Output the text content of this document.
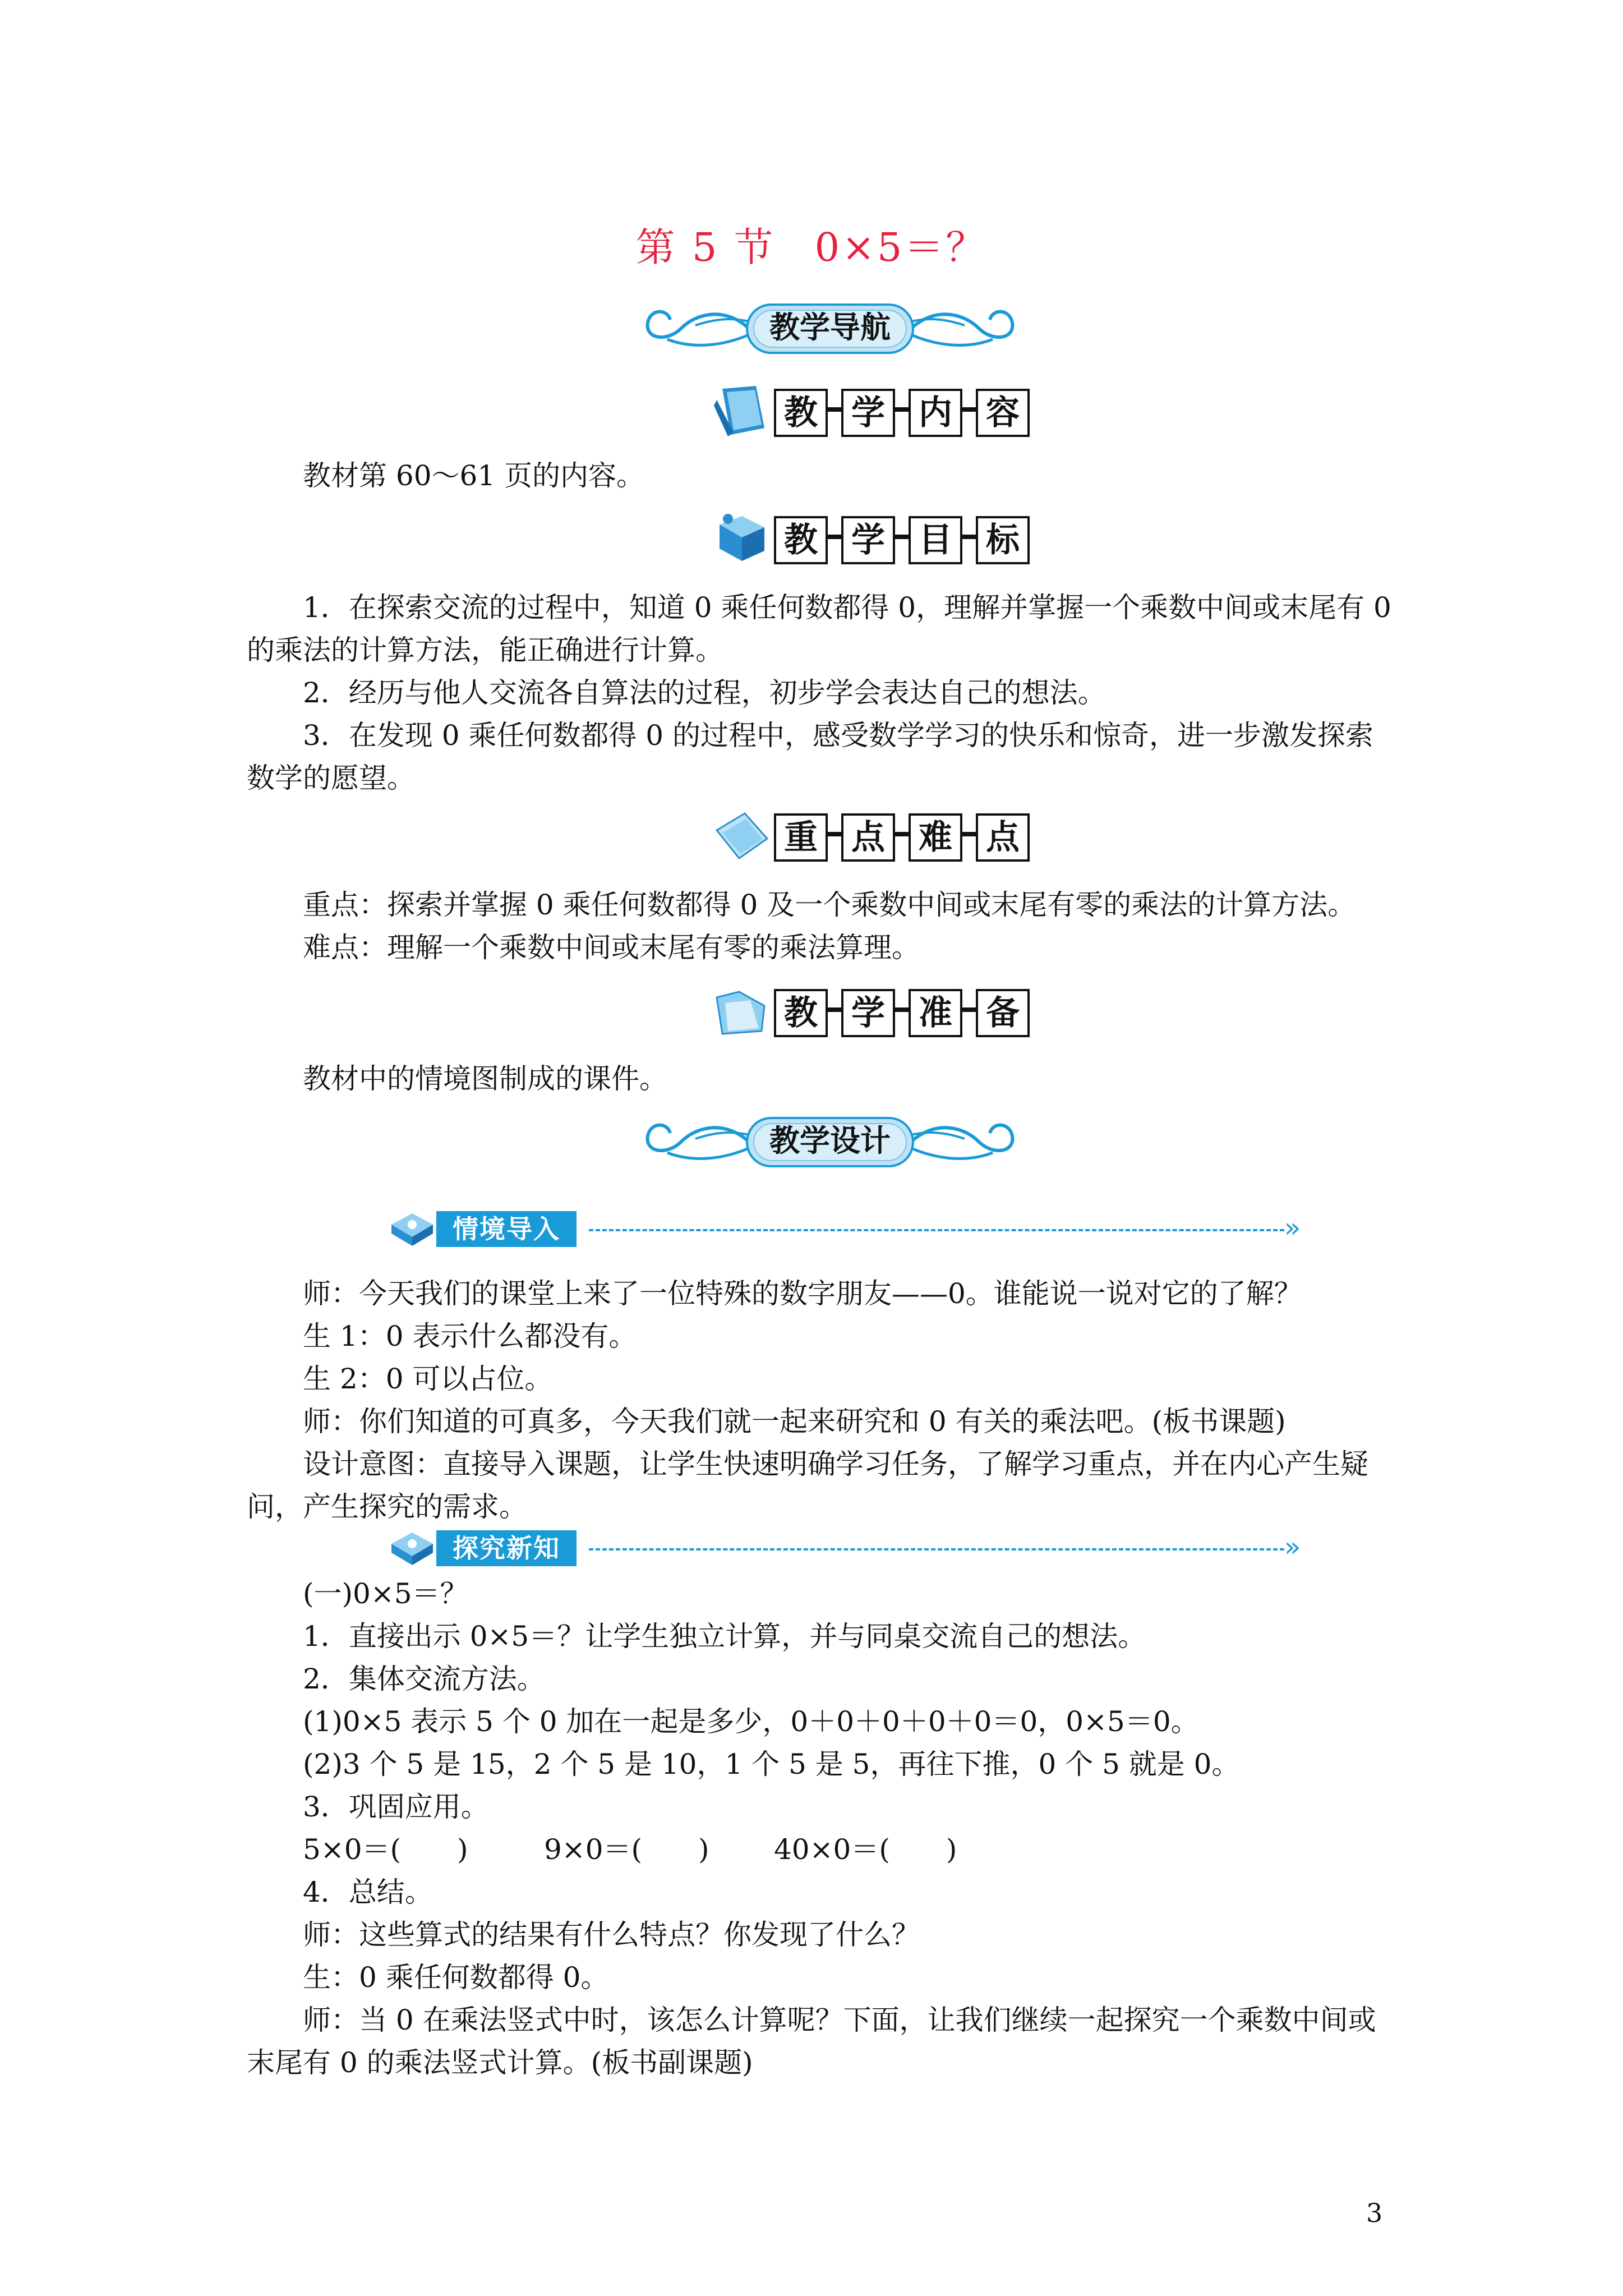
第 5 节 0×5＝？
教学导航
教	学	内	容

教材第 60～61 页的内容。

教	学	目	标

1．在探索交流的过程中，知道 0 乘任何数都得 0，理解并掌握一个乘数中间或末尾有 0

的乘法的计算方法，能正确进行计算。

2．经历与他人交流各自算法的过程，初步学会表达自己的想法。

3．在发现 0 乘任何数都得 0 的过程中，感受数学学习的快乐和惊奇，进一步激发探索

数学的愿望。

重	点	难	点

重点：探索并掌握 0 乘任何数都得 0 及一个乘数中间或末尾有零的乘法的计算方法。

难点：理解一个乘数中间或末尾有零的乘法算理。

教	学	准	备

教材中的情境图制成的课件。

教学设计
情境导入	»

师：今天我们的课堂上来了一位特殊的数字朋友——0。谁能说一说对它的了解？

生 1：0 表示什么都没有。

生 2：0 可以占位。

师：你们知道的可真多，今天我们就一起来研究和 0 有关的乘法吧。(板书课题)

设计意图：直接导入课题，让学生快速明确学习任务，了解学习重点，并在内心产生疑

问，产生探究的需求。

探究新知	»

(一)0×5＝？

1．直接出示 0×5＝？让学生独立计算，并与同桌交流自己的想法。

2．集体交流方法。

(1)0×5 表示 5 个 0 加在一起是多少，0＋0＋0＋0＋0＝0，0×5＝0。

(2)3 个 5 是 15，2 个 5 是 10，1 个 5 是 5，再往下推，0 个 5 就是 0。

3．巩固应用。

5×0＝(　　)	9×0＝(　　) 40×0＝(　　)

4．总结。

师：这些算式的结果有什么特点？你发现了什么？

生：0 乘任何数都得 0。

师：当 0 在乘法竖式中时，该怎么计算呢？下面，让我们继续一起探究一个乘数中间或

末尾有 0 的乘法竖式计算。(板书副课题)

3
